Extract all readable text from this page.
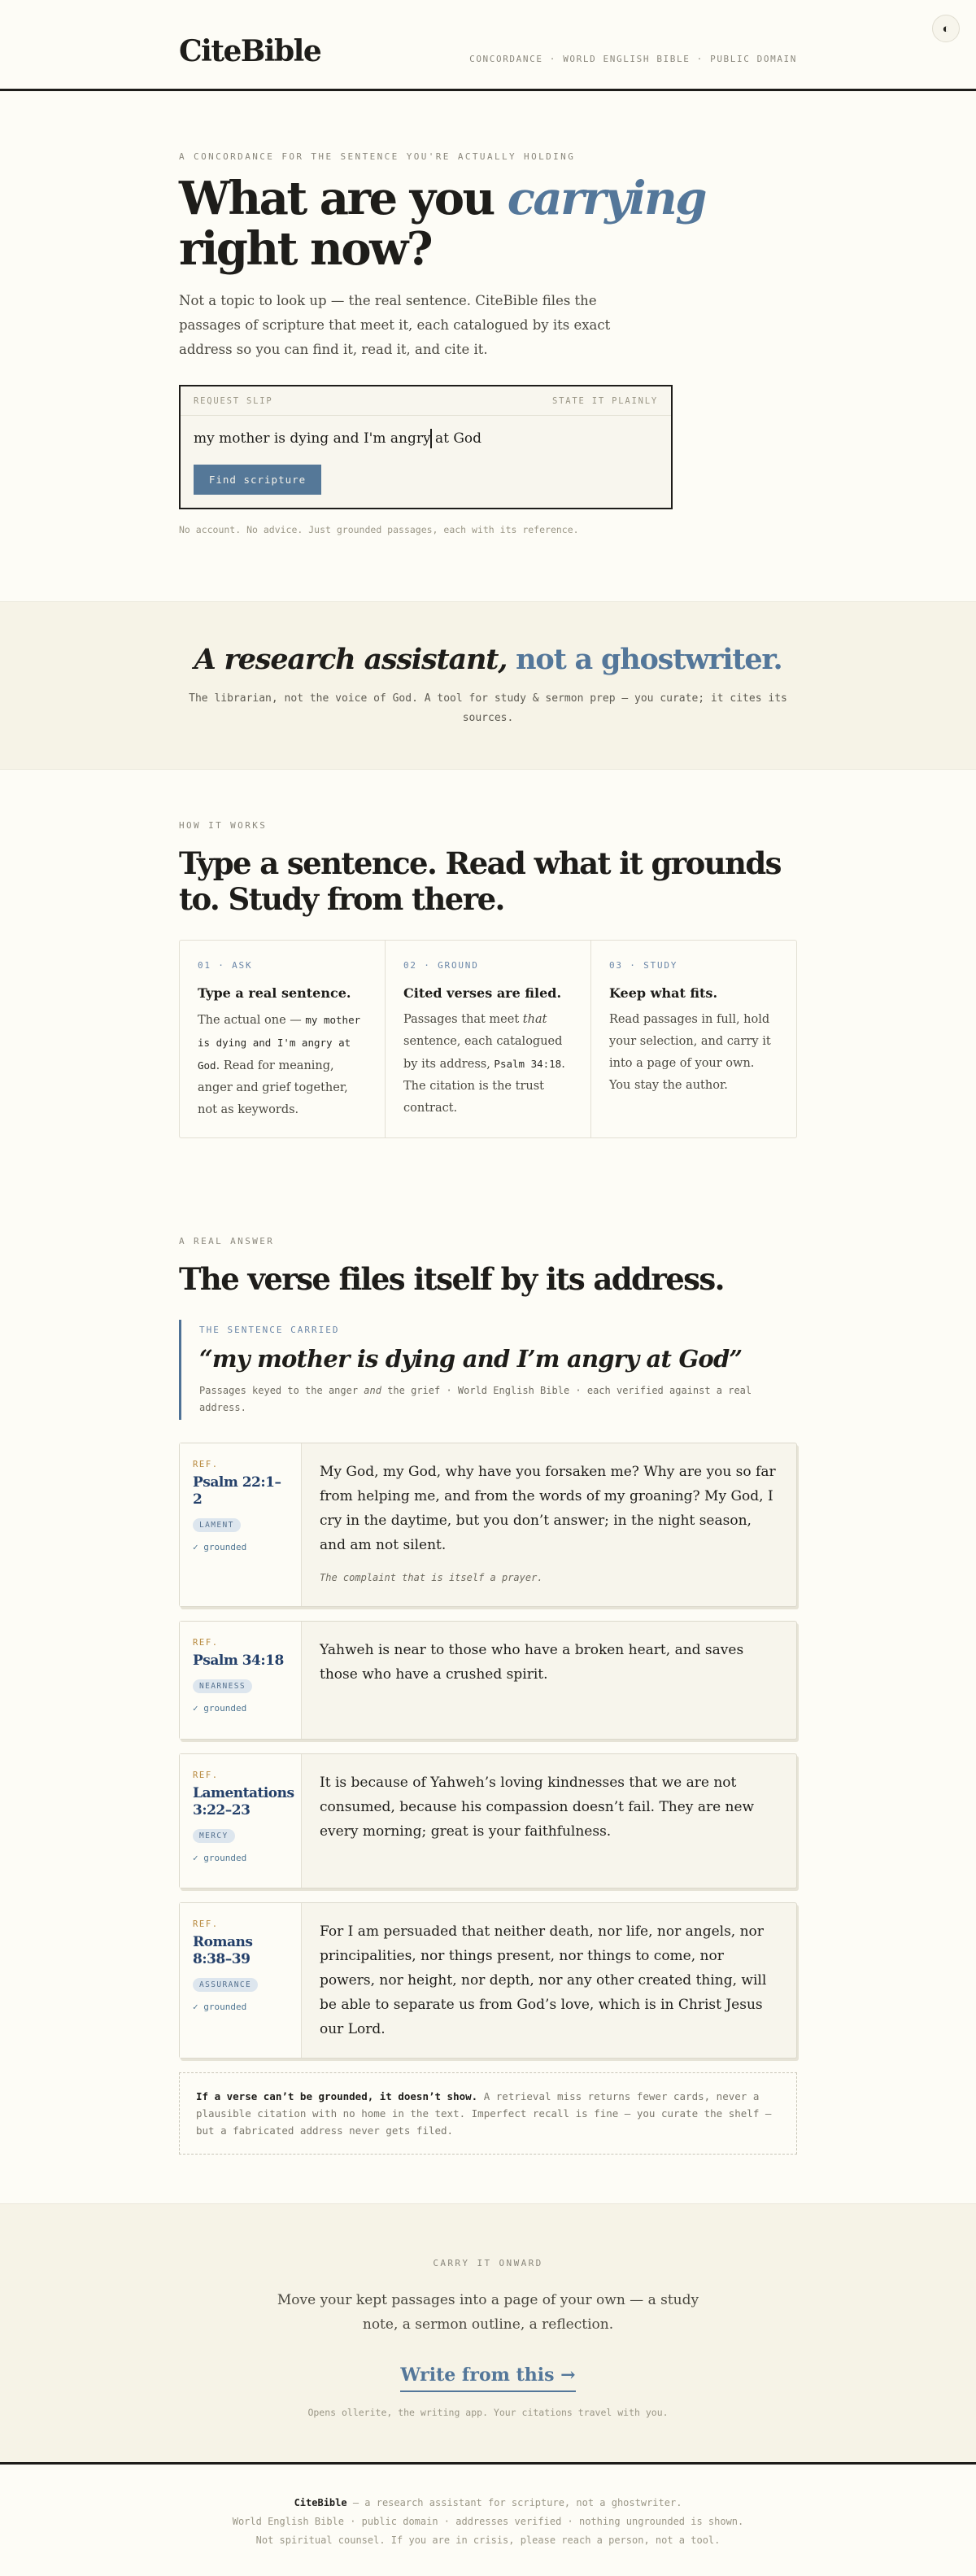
CiteBible	CONCORDANCE · WORLD ENGLISH BIBLE · PUBLIC DOMAIN
◐
A CONCORDANCE FOR THE SENTENCE YOU'RE ACTUALLY HOLDING
What are you carrying right now?

Not a topic to look up — the real sentence. CiteBible files the passages of scripture that meet it, each catalogued by its exact address so you can find it, read it, and cite it.

REQUEST SLIP	STATE IT PLAINLY
my mother is dying and I'm angry at God
Find scripture

No account. No advice. Just grounded passages, each with its reference.

A research assistant, not a ghostwriter.

The librarian, not the voice of God. A tool for study & sermon prep — you curate; it cites its sources.

HOW IT WORKS
Type a sentence. Read what it grounds to. Study from there.
01 · ASK
Type a real sentence.
The actual one — my mother is dying and I'm angry at God. Read for meaning, anger and grief together, not as keywords.
02 · GROUND
Cited verses are filed.
Passages that meet that sentence, each catalogued by its address, Psalm 34:18. The citation is the trust contract.
03 · STUDY
Keep what fits.
Read passages in full, hold your selection, and carry it into a page of your own. You stay the author.
A REAL ANSWER
The verse files itself by its address.
THE SENTENCE CARRIED
“my mother is dying and I’m angry at God”
Passages keyed to the anger and the grief · World English Bible · each verified against a real address.
REF.
Psalm 22:1–2
LAMENT
✓ grounded
My God, my God, why have you forsaken me? Why are you so far from helping me, and from the words of my groaning? My God, I cry in the daytime, but you don’t answer; in the night season, and am not silent.
The complaint that is itself a prayer.
REF.
Psalm 34:18
NEARNESS
✓ grounded
Yahweh is near to those who have a broken heart, and saves those who have a crushed spirit.
REF.
Lamentations 3:22–23
MERCY
✓ grounded
It is because of Yahweh’s loving kindnesses that we are not consumed, because his compassion doesn’t fail. They are new every morning; great is your faithfulness.
REF.
Romans 8:38–39
ASSURANCE
✓ grounded
For I am persuaded that neither death, nor life, nor angels, nor principalities, nor things present, nor things to come, nor powers, nor height, nor depth, nor any other created thing, will be able to separate us from God’s love, which is in Christ Jesus our Lord.
If a verse can’t be grounded, it doesn’t show. A retrieval miss returns fewer cards, never a plausible citation with no home in the text. Imperfect recall is fine — you curate the shelf — but a fabricated address never gets filed.
CARRY IT ONWARD

Move your kept passages into a page of your own — a study note, a sermon outline, a reflection.

Write from this →

Opens ollerite, the writing app. Your citations travel with you.

CiteBible — a research assistant for scripture, not a ghostwriter.
World English Bible · public domain · addresses verified · nothing ungrounded is shown.
Not spiritual counsel. If you are in crisis, please reach a person, not a tool.
